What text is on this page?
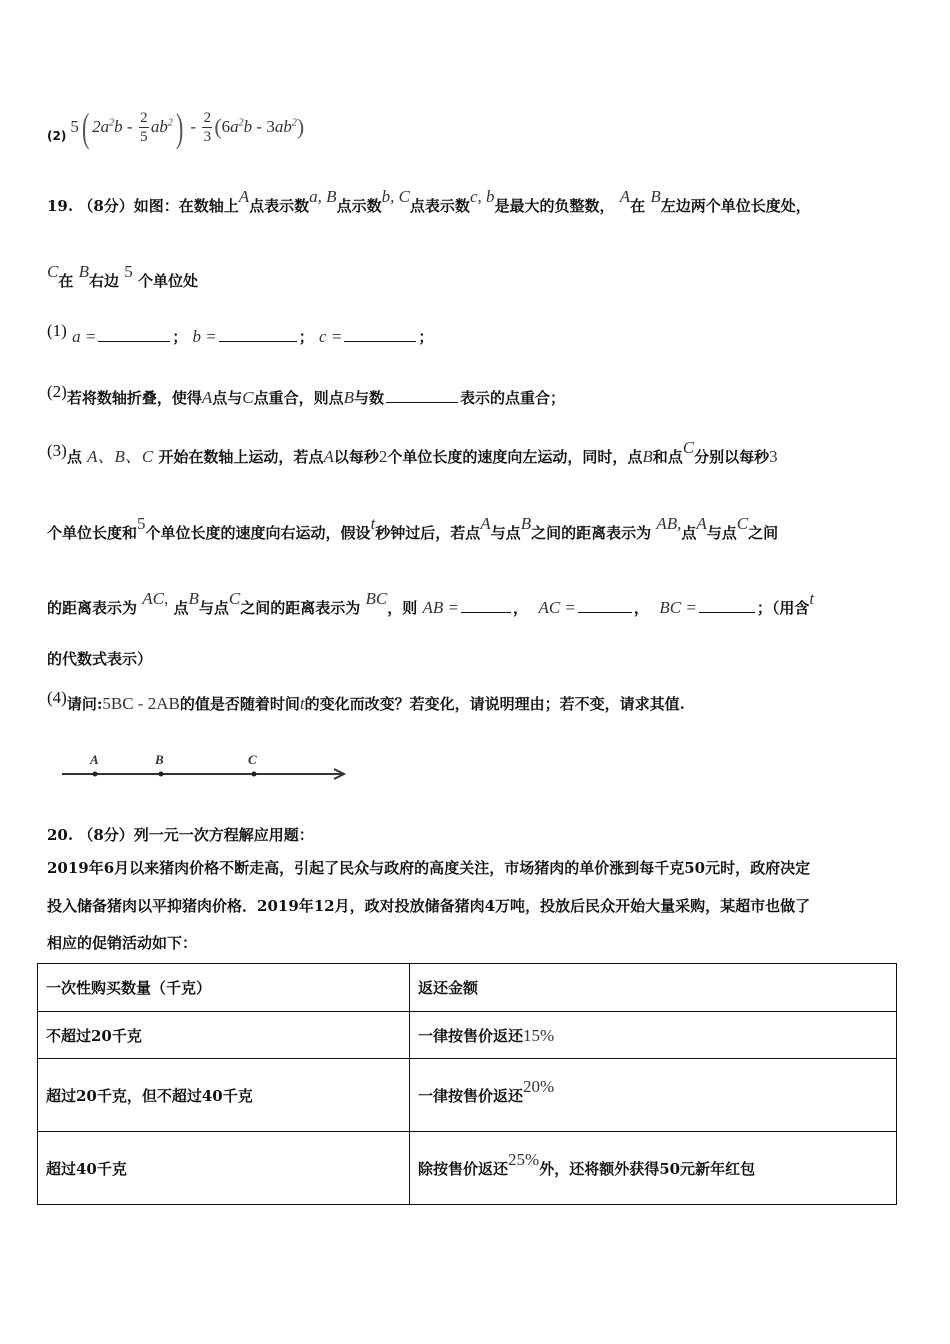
(2) 5 ( $2a^2b - \frac{2}{5} ab^2$ ) - $\frac{2}{3}$ ( 6 $a^2b - 3$ $ab^2$ )
19. （8分）如图：在数轴上A点表示数a, B点示数b, C点表示数c, b是最大的负整数， A在 B左边两个单位长度处，
C在 B右边 5 个单位处
(1) a =	； b =	； c =	；
(2)若将数轴折叠，使得A点与C点重合，则点B与数	表示的点重合；
(3)点 A、B、C 开始在数轴上运动，若点A以每秒2个单位长度的速度向左运动，同时，点B和点C分别以每秒3
个单位长度和5个单位长度的速度向右运动，假设t秒钟过后，若点A与点B之间的距离表示为 AB,点A与点C之间
的距离表示为 AC, 点B与点C之间的距离表示为 BC，则 AB =	， AC =	， BC =	；（用含t
的代数式表示）
(4)请问:5BC - 2AB的值是否随着时间t的变化而改变？若变化，请说明理由；若不变，请求其值.
A	B	C
20. （8分）列一元一次方程解应用题：
2019年6月以来猪肉价格不断走高，引起了民众与政府的高度关注，市场猪肉的单价涨到每千克50元时，政府决定
投入储备猪肉以平抑猪肉价格．2019年12月，政对投放储备猪肉4万吨，投放后民众开始大量采购，某超市也做了
相应的促销活动如下：
一次性购买数量（千克）	返还金额
不超过20千克	一律按售价返还15%
超过20千克，但不超过40千克	一律按售价返还20%
超过40千克	除按售价返还25%外，还将额外获得50元新年红包
